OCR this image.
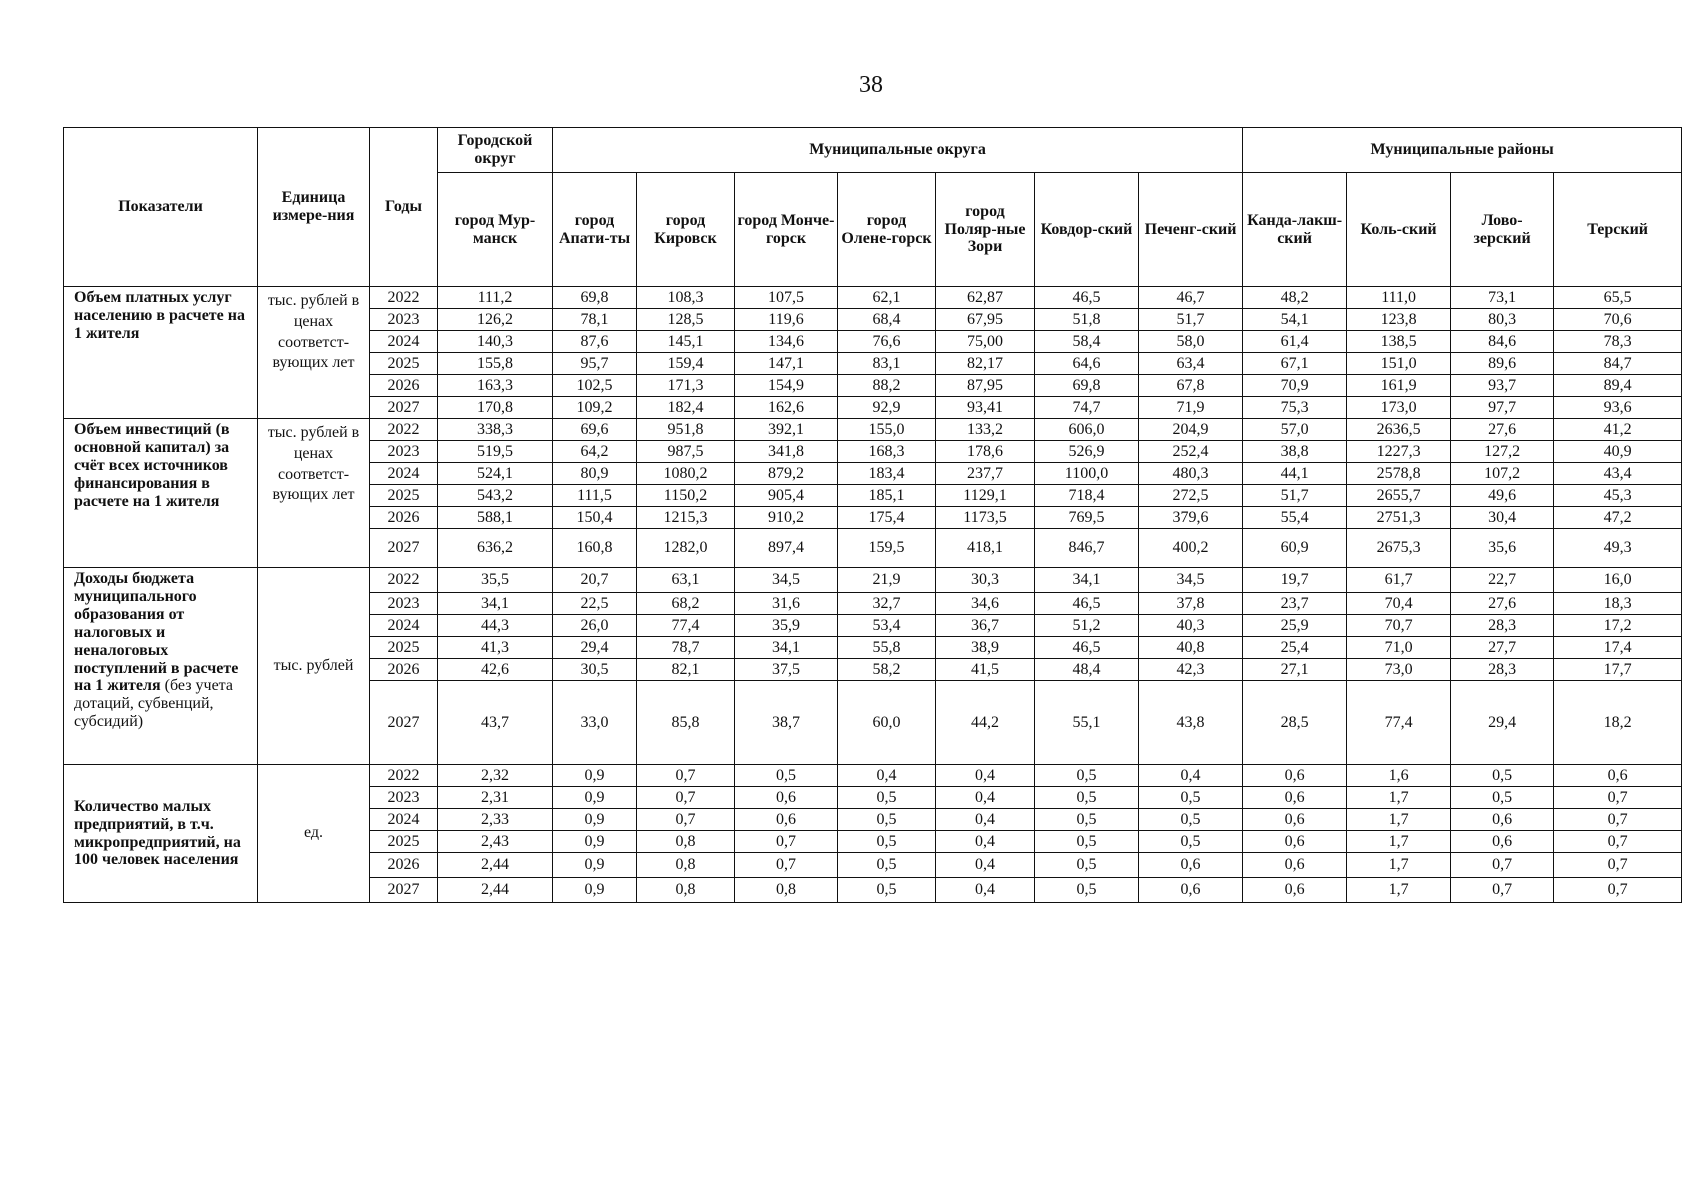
38
Показатели	Единица измере-ния	Годы	Городской округ	Муниципальные округа							Муниципальные районы			
			город Мур-манск	город Апати-ты	город Кировск	город Монче-горск	город Олене-горск	город Поляр-ные Зори	Ковдор-ский	Печенг-ский	Канда-лакш-ский	Коль-ский	Лово-зерский	Терский
Объем платных услуг населению в расчете на 1 жителя	тыс. рублей в ценах соответст-вующих лет	2022	111,2	69,8	108,3	107,5	62,1	62,87	46,5	46,7	48,2	111,0	73,1	65,5
		2023	126,2	78,1	128,5	119,6	68,4	67,95	51,8	51,7	54,1	123,8	80,3	70,6
		2024	140,3	87,6	145,1	134,6	76,6	75,00	58,4	58,0	61,4	138,5	84,6	78,3
		2025	155,8	95,7	159,4	147,1	83,1	82,17	64,6	63,4	67,1	151,0	89,6	84,7
		2026	163,3	102,5	171,3	154,9	88,2	87,95	69,8	67,8	70,9	161,9	93,7	89,4
		2027	170,8	109,2	182,4	162,6	92,9	93,41	74,7	71,9	75,3	173,0	97,7	93,6
Объем инвестиций (в основной капитал) за счёт всех источников финансирования в расчете на 1 жителя	тыс. рублей в ценах соответст-вующих лет	2022	338,3	69,6	951,8	392,1	155,0	133,2	606,0	204,9	57,0	2636,5	27,6	41,2
		2023	519,5	64,2	987,5	341,8	168,3	178,6	526,9	252,4	38,8	1227,3	127,2	40,9
		2024	524,1	80,9	1080,2	879,2	183,4	237,7	1100,0	480,3	44,1	2578,8	107,2	43,4
		2025	543,2	111,5	1150,2	905,4	185,1	1129,1	718,4	272,5	51,7	2655,7	49,6	45,3
		2026	588,1	150,4	1215,3	910,2	175,4	1173,5	769,5	379,6	55,4	2751,3	30,4	47,2
		2027	636,2	160,8	1282,0	897,4	159,5	418,1	846,7	400,2	60,9	2675,3	35,6	49,3
Доходы бюджета муниципального образования от налоговых и неналоговых поступлений в расчете на 1 жителя (без учета дотаций, субвенций, субсидий)	тыс. рублей	2022	35,5	20,7	63,1	34,5	21,9	30,3	34,1	34,5	19,7	61,7	22,7	16,0
		2023	34,1	22,5	68,2	31,6	32,7	34,6	46,5	37,8	23,7	70,4	27,6	18,3
		2024	44,3	26,0	77,4	35,9	53,4	36,7	51,2	40,3	25,9	70,7	28,3	17,2
		2025	41,3	29,4	78,7	34,1	55,8	38,9	46,5	40,8	25,4	71,0	27,7	17,4
		2026	42,6	30,5	82,1	37,5	58,2	41,5	48,4	42,3	27,1	73,0	28,3	17,7
		2027	43,7	33,0	85,8	38,7	60,0	44,2	55,1	43,8	28,5	77,4	29,4	18,2
Количество малых предприятий, в т.ч. микропредприятий, на 100 человек населения	ед.	2022	2,32	0,9	0,7	0,5	0,4	0,4	0,5	0,4	0,6	1,6	0,5	0,6
		2023	2,31	0,9	0,7	0,6	0,5	0,4	0,5	0,5	0,6	1,7	0,5	0,7
		2024	2,33	0,9	0,7	0,6	0,5	0,4	0,5	0,5	0,6	1,7	0,6	0,7
		2025	2,43	0,9	0,8	0,7	0,5	0,4	0,5	0,5	0,6	1,7	0,6	0,7
		2026	2,44	0,9	0,8	0,7	0,5	0,4	0,5	0,6	0,6	1,7	0,7	0,7
		2027	2,44	0,9	0,8	0,8	0,5	0,4	0,5	0,6	0,6	1,7	0,7	0,7
